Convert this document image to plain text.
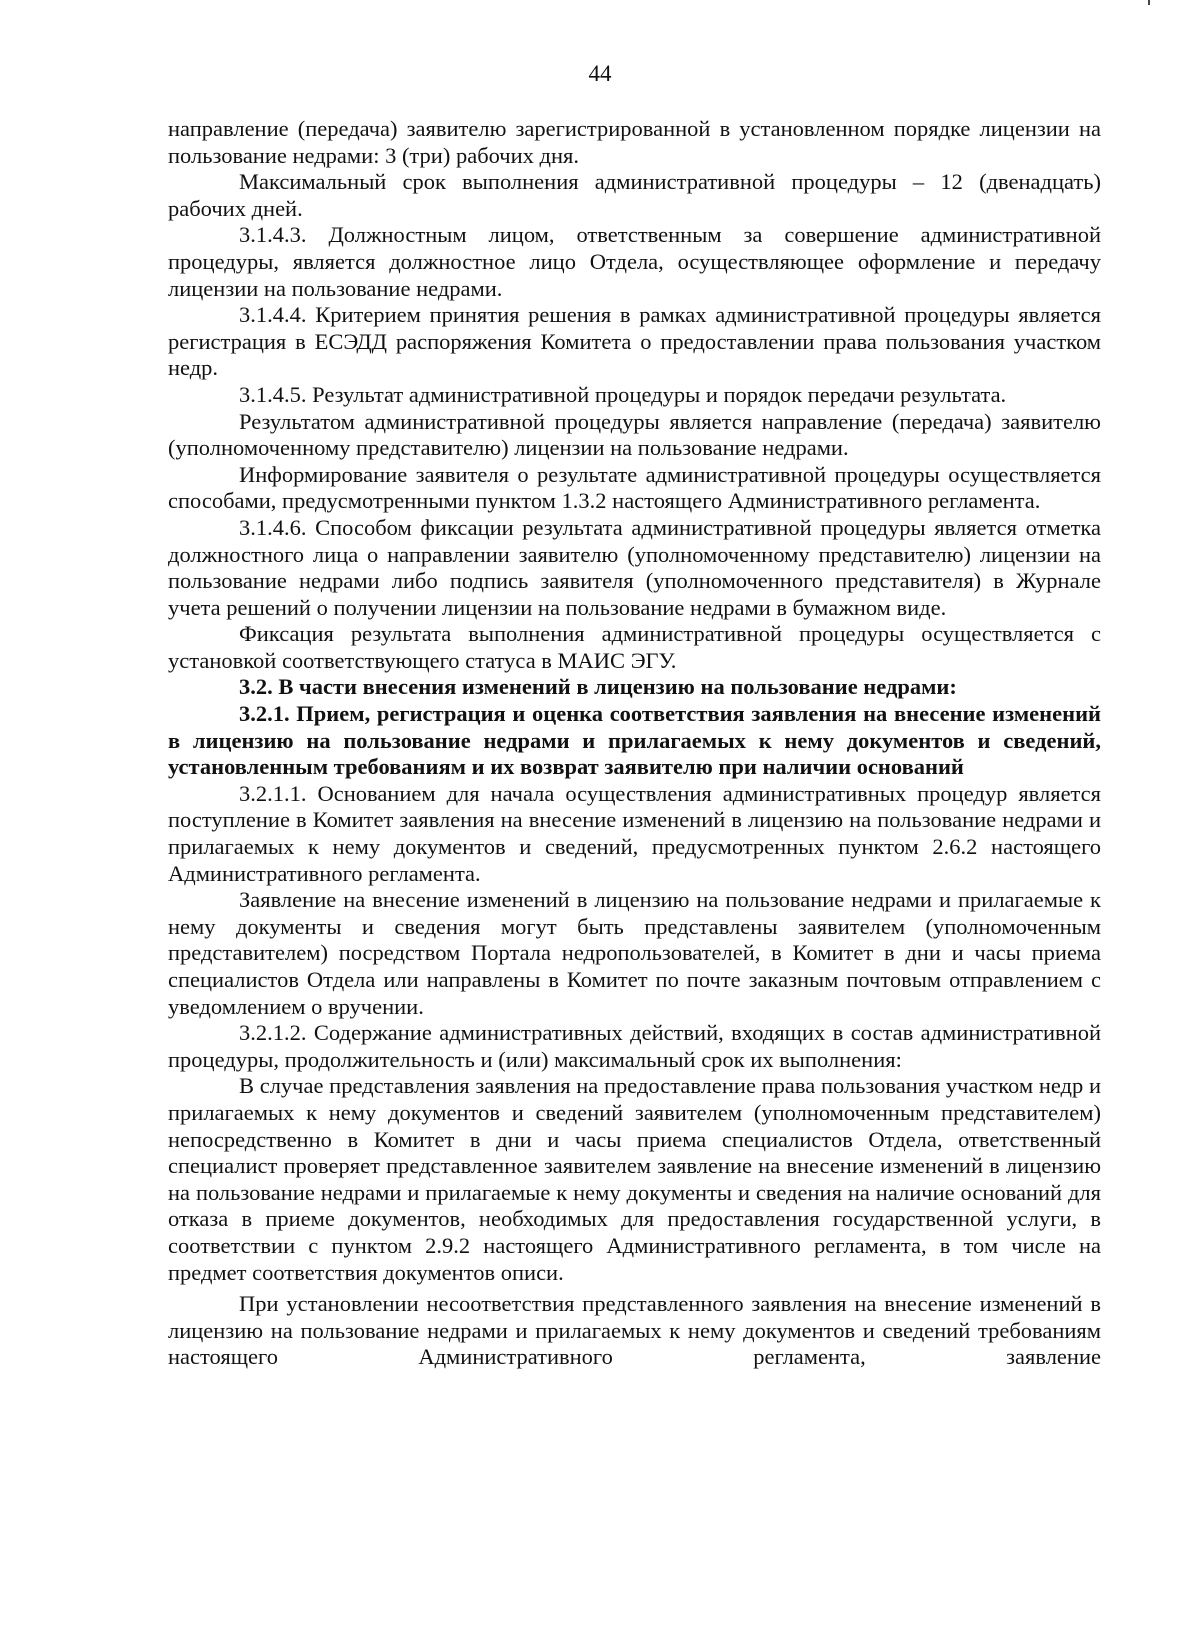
44

направление (передача) заявителю зарегистрированной в установленном порядке лицензии на пользование недрами: 3 (три) рабочих дня.

Максимальный срок выполнения административной процедуры – 12 (двенадцать) рабочих дней.

3.1.4.3. Должностным лицом, ответственным за совершение административной процедуры, является должностное лицо Отдела, осуществляющее оформление и передачу лицензии на пользование недрами.

3.1.4.4. Критерием принятия решения в рамках административной процедуры является регистрация в ЕСЭДД распоряжения Комитета о предоставлении права пользования участком недр.

3.1.4.5. Результат административной процедуры и порядок передачи результата.

Результатом административной процедуры является направление (передача) заявителю (уполномоченному представителю) лицензии на пользование недрами.

Информирование заявителя о результате административной процедуры осуществляется способами, предусмотренными пунктом 1.3.2 настоящего Административного регламента.

3.1.4.6. Способом фиксации результата административной процедуры является отметка должностного лица о направлении заявителю (уполномоченному представителю) лицензии на пользование недрами либо подпись заявителя (уполномоченного представителя) в Журнале учета решений о получении лицензии на пользование недрами в бумажном виде.

Фиксация результата выполнения административной процедуры осуществляется с установкой соответствующего статуса в МАИС ЭГУ.

3.2. В части внесения изменений в лицензию на пользование недрами:

3.2.1. Прием, регистрация и оценка соответствия заявления на внесение изменений в лицензию на пользование недрами и прилагаемых к нему документов и сведений, установленным требованиям и их возврат заявителю при наличии оснований

3.2.1.1. Основанием для начала осуществления административных процедур является поступление в Комитет заявления на внесение изменений в лицензию на пользование недрами и прилагаемых к нему документов и сведений, предусмотренных пунктом 2.6.2 настоящего Административного регламента.

Заявление на внесение изменений в лицензию на пользование недрами и прилагаемые к нему документы и сведения могут быть представлены заявителем (уполномоченным представителем) посредством Портала недропользователей, в Комитет в дни и часы приема специалистов Отдела или направлены в Комитет по почте заказным почтовым отправлением с уведомлением о вручении.

3.2.1.2. Содержание административных действий, входящих в состав административной процедуры, продолжительность и (или) максимальный срок их выполнения:

В случае представления заявления на предоставление права пользования участком недр и прилагаемых к нему документов и сведений заявителем (уполномоченным представителем) непосредственно в Комитет в дни и часы приема специалистов Отдела, ответственный специалист проверяет представленное заявителем заявление на внесение изменений в лицензию на пользование недрами и прилагаемые к нему документы и сведения на наличие оснований для отказа в приеме документов, необходимых для предоставления государственной услуги, в соответствии с пунктом 2.9.2 настоящего Административного регламента, в том числе на предмет соответствия документов описи.

При установлении несоответствия представленного заявления на внесение изменений в лицензию на пользование недрами и прилагаемых к нему документов и сведений требованиям настоящего Административного регламента, заявление
